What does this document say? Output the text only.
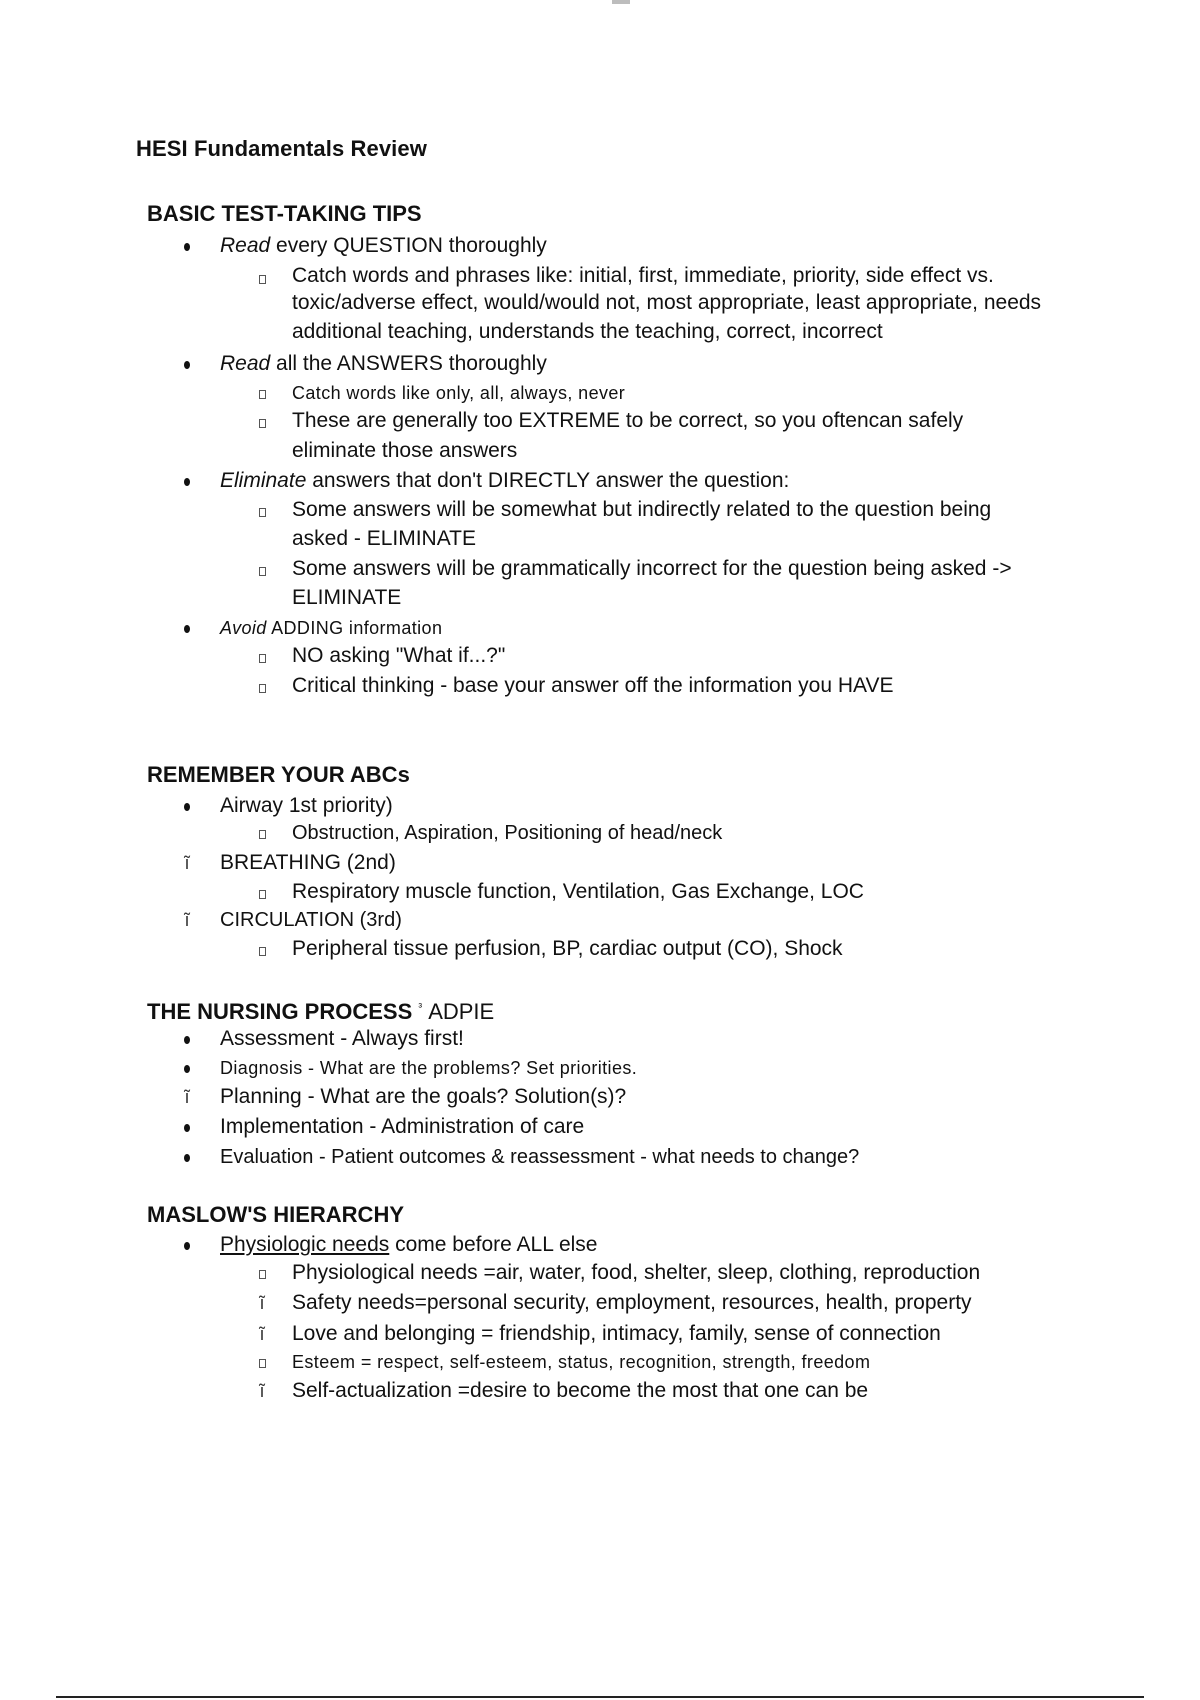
HESI Fundamentals Review
BASIC TEST-TAKING TIPS
Read every QUESTION thoroughly
Catch words and phrases like: initial, first, immediate, priority, side effect vs.
toxic/adverse effect, would/would not, most appropriate, least appropriate, needs
additional teaching, understands the teaching, correct, incorrect
Read all the ANSWERS thoroughly
Catch words like only, all, always, never
These are generally too EXTREME to be correct, so you oftencan safely
eliminate those answers
Eliminate answers that don't DIRECTLY answer the question:
Some answers will be somewhat but indirectly related to the question being
asked - ELIMINATE
Some answers will be grammatically incorrect for the question being asked ->
ELIMINATE
Avoid ADDING information
NO asking "What if...?"
Critical thinking - base your answer off the information you HAVE
REMEMBER YOUR ABCs
Airway 1st priority)
Obstruction, Aspiration, Positioning of head/neck
ĩ BREATHING (2nd)
Respiratory muscle function, Ventilation, Gas Exchange, LOC
ĩ CIRCULATION (3rd)
Peripheral tissue perfusion, BP, cardiac output (CO), Shock
THE NURSING PROCESS $^{^3}$ ADPIE
Assessment - Always first!
Diagnosis - What are the problems? Set priorities.
ĩ Planning - What are the goals? Solution(s)?
Implementation - Administration of care
Evaluation - Patient outcomes & reassessment - what needs to change?
MASLOW'S HIERARCHY
Physiologic needs come before ALL else
Physiological needs =air, water, food, shelter, sleep, clothing, reproduction
ĩ Safety needs=personal security, employment, resources, health, property
ĩ Love and belonging = friendship, intimacy, family, sense of connection
Esteem = respect, self-esteem, status, recognition, strength, freedom
ĩ Self-actualization =desire to become the most that one can be
